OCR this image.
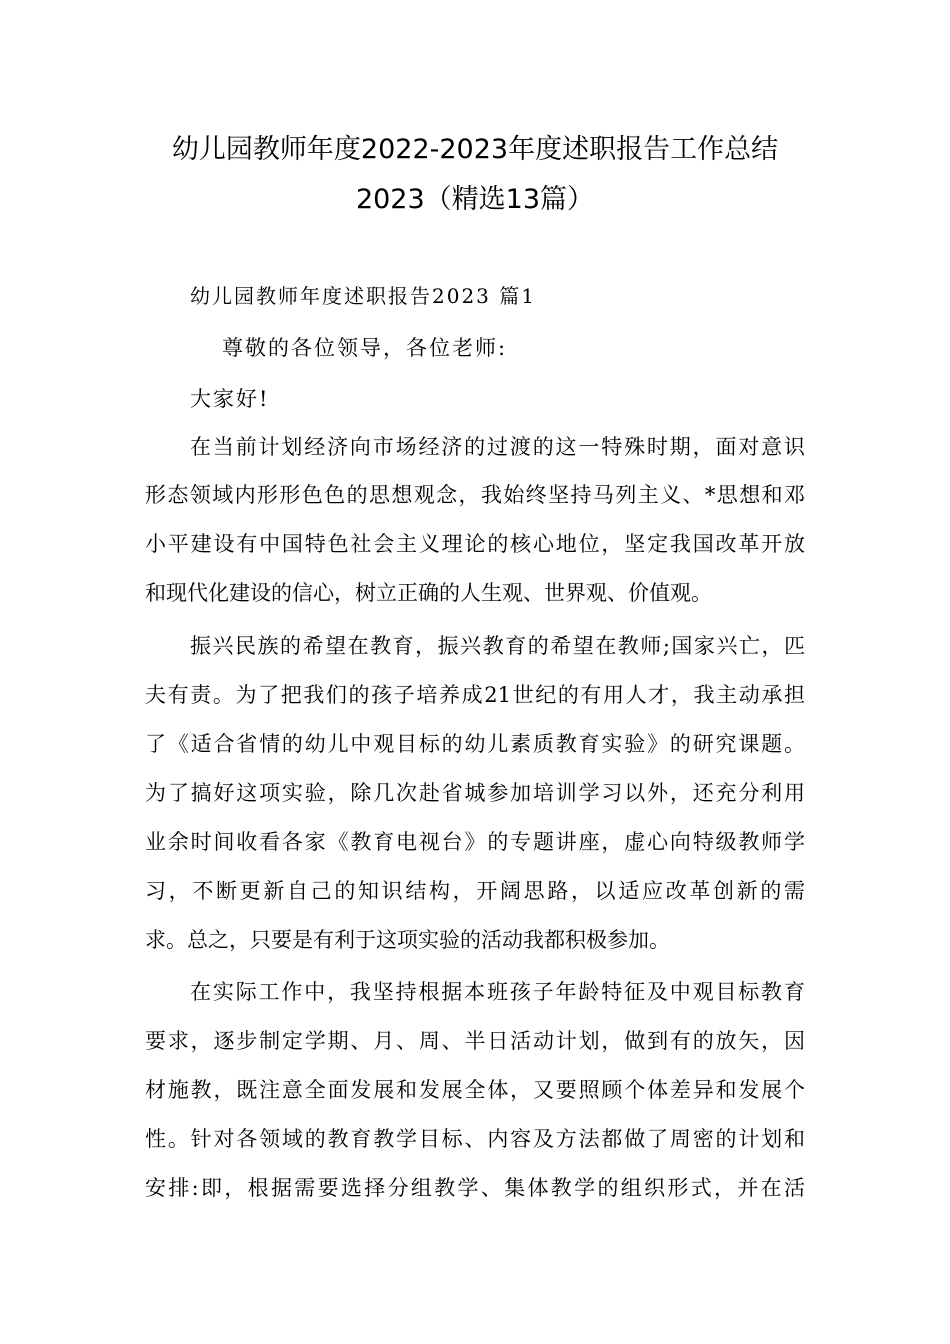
幼儿园教师年度2022-2023年度述职报告工作总结
2023（精选13篇）
幼儿园教师年度述职报告2023 篇1
尊敬的各位领导，各位老师:
大家好!
在当前计划经济向市场经济的过渡的这一特殊时期，面对意识
形态领域内形形色色的思想观念，我始终坚持马列主义、*思想和邓
小平建设有中国特色社会主义理论的核心地位，坚定我国改革开放
和现代化建设的信心，树立正确的人生观、世界观、价值观。
振兴民族的希望在教育，振兴教育的希望在教师;国家兴亡，匹
夫有责。为了把我们的孩子培养成21世纪的有用人才，我主动承担
了《适合省情的幼儿中观目标的幼儿素质教育实验》的研究课题。
为了搞好这项实验，除几次赴省城参加培训学习以外，还充分利用
业余时间收看各家《教育电视台》的专题讲座，虚心向特级教师学
习，不断更新自己的知识结构，开阔思路，以适应改革创新的需
求。总之，只要是有利于这项实验的活动我都积极参加。
在实际工作中，我坚持根据本班孩子年龄特征及中观目标教育
要求，逐步制定学期、月、周、半日活动计划，做到有的放矢，因
材施教，既注意全面发展和发展全体，又要照顾个体差异和发展个
性。针对各领域的教育教学目标、内容及方法都做了周密的计划和
安排:即，根据需要选择分组教学、集体教学的组织形式，并在活
